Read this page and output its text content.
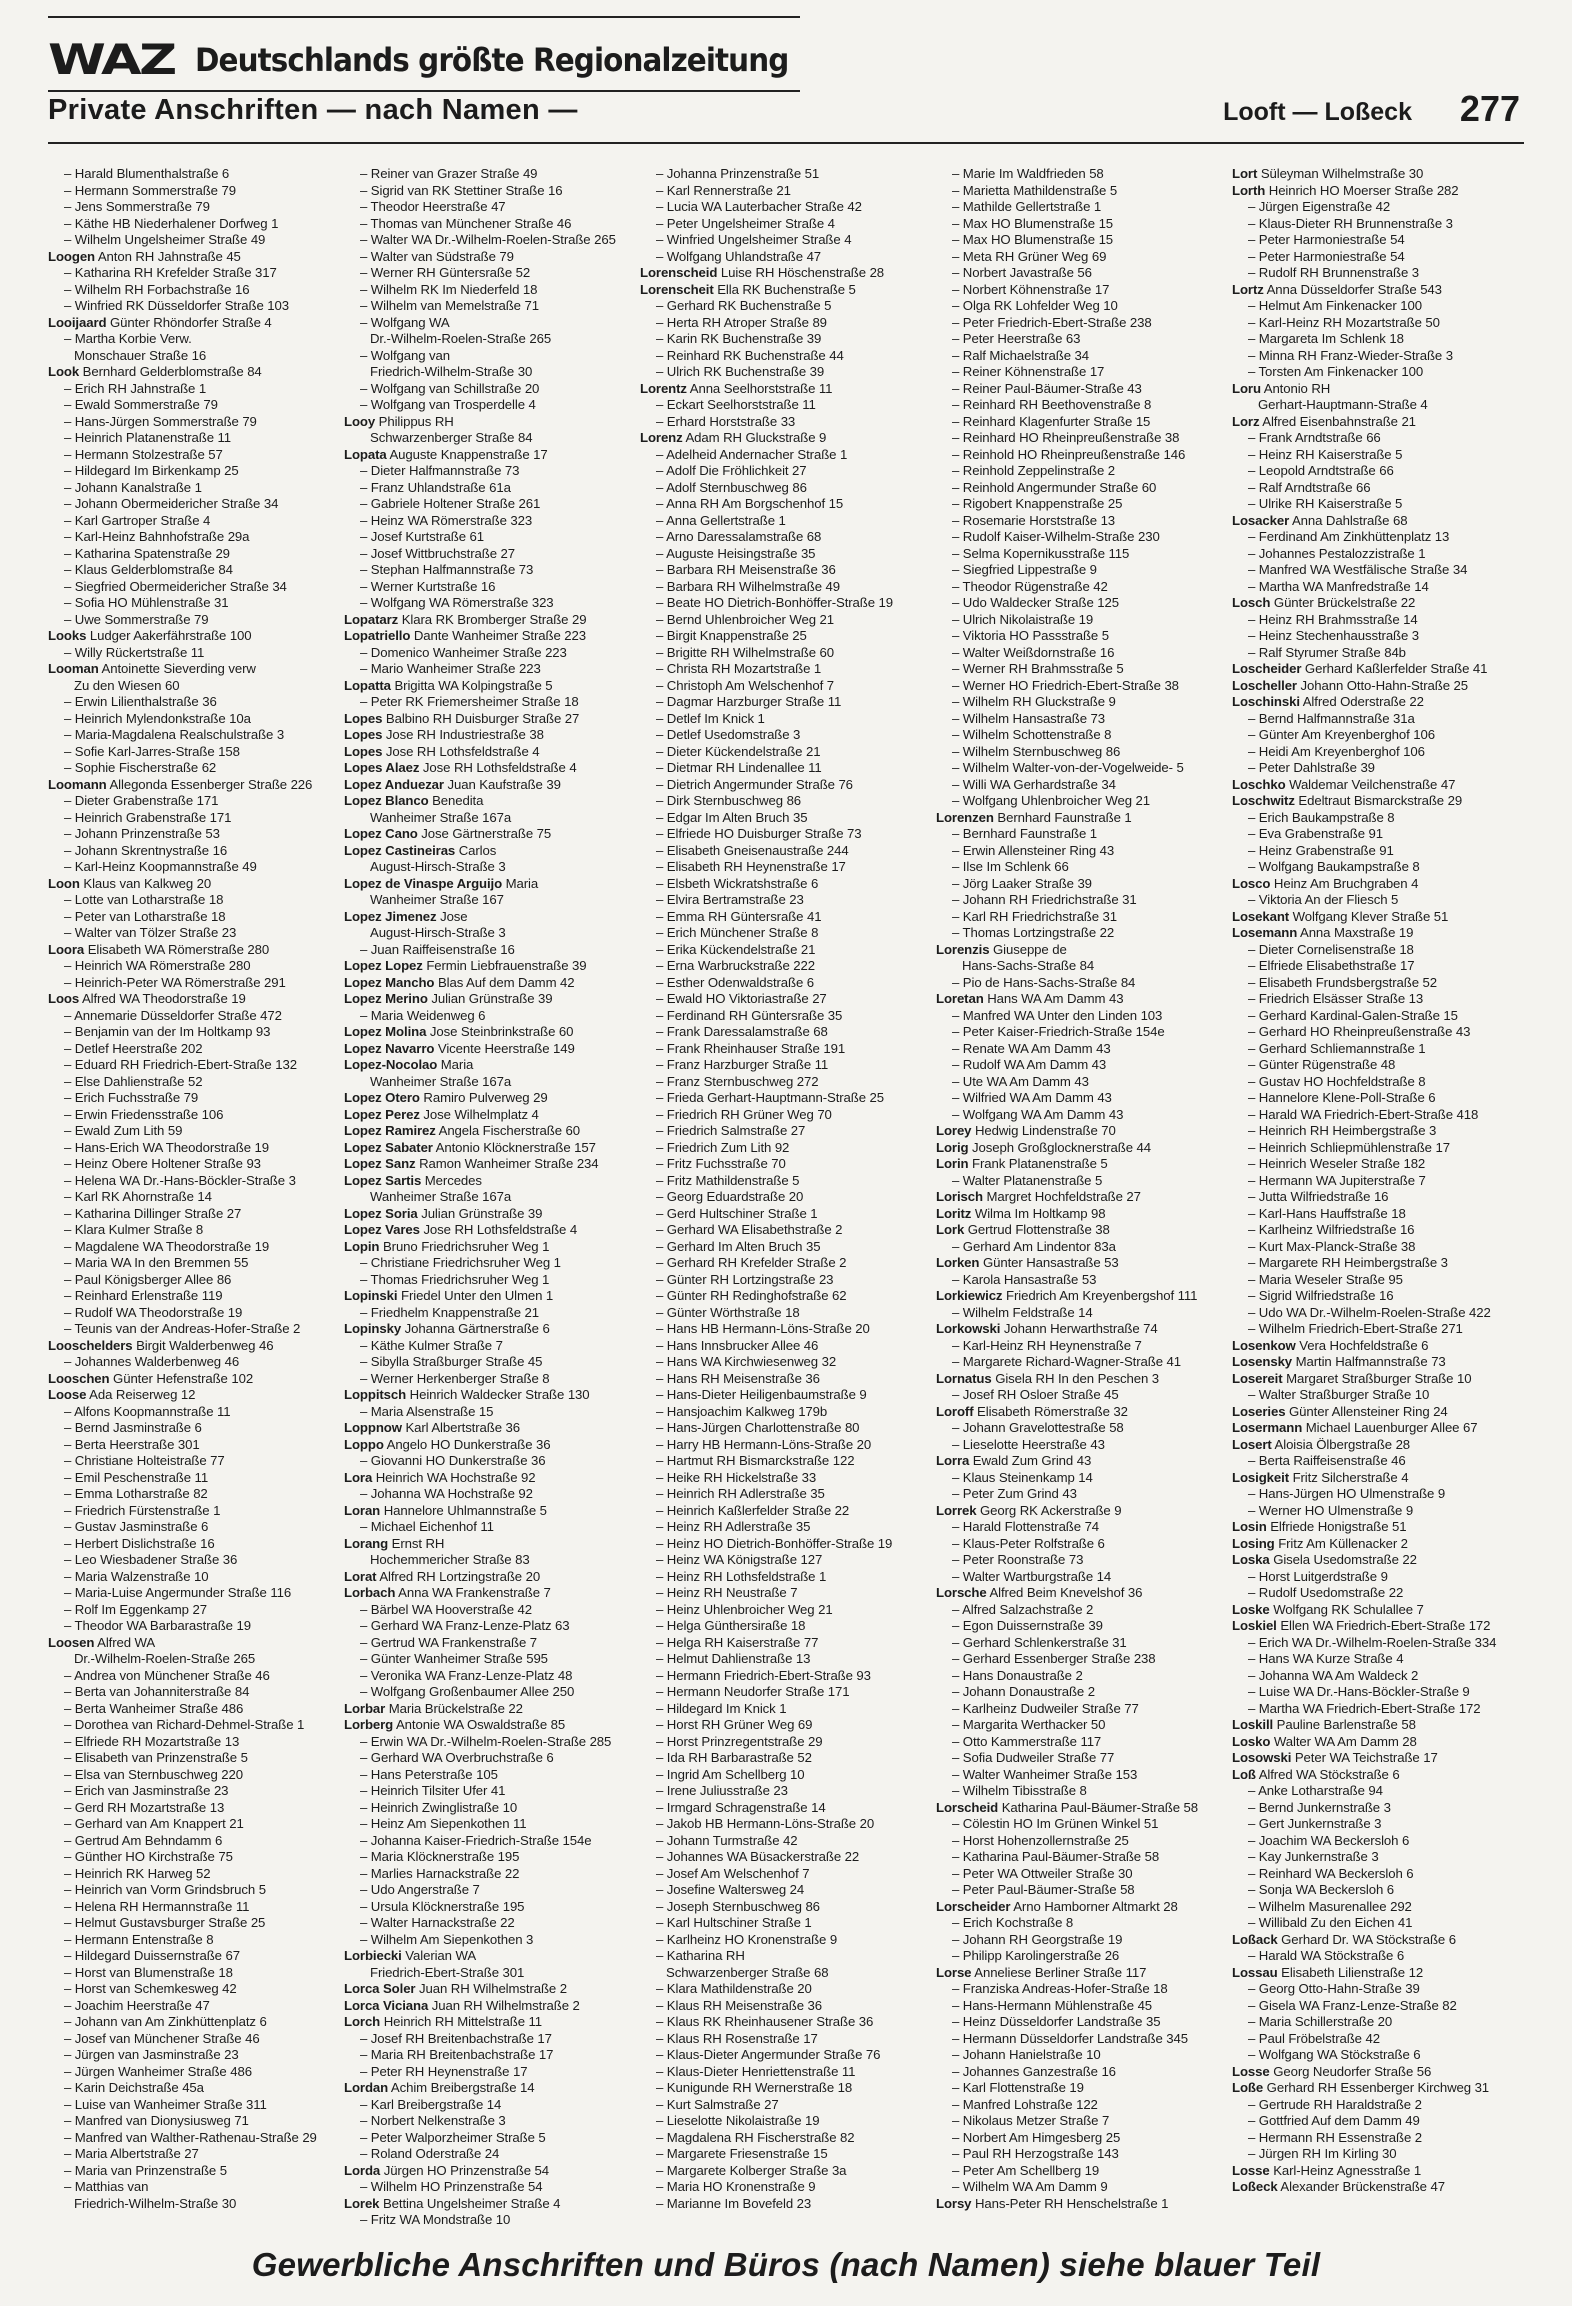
WAZ Deutschlands größte Regionalzeitung
Private Anschriften — nach Namen —	Looft — Loßeck 277
– Harald Blumenthalstraße 6
– Hermann Sommerstraße 79
– Jens Sommerstraße 79
– Käthe HB Niederhalener Dorfweg 1
– Wilhelm Ungelsheimer Straße 49
Loogen Anton RH Jahnstraße 45
– Katharina RH Krefelder Straße 317
– Wilhelm RH Forbachstraße 16
– Winfried RK Düsseldorfer Straße 103
Looijaard Günter Rhöndorfer Straße 4
– Martha Korbie Verw.
Monschauer Straße 16
Look Bernhard Gelderblomstraße 84
– Erich RH Jahnstraße 1
– Ewald Sommerstraße 79
– Hans-Jürgen Sommerstraße 79
– Heinrich Platanenstraße 11
– Hermann Stolzestraße 57
– Hildegard Im Birkenkamp 25
– Johann Kanalstraße 1
– Johann Obermeidericher Straße 34
– Karl Gartroper Straße 4
– Karl-Heinz Bahnhofstraße 29a
– Katharina Spatenstraße 29
– Klaus Gelderblomstraße 84
– Siegfried Obermeidericher Straße 34
– Sofia HO Mühlenstraße 31
– Uwe Sommerstraße 79
Looks Ludger Aakerfährstraße 100
– Willy Rückertstraße 11
Looman Antoinette Sieverding verw
Zu den Wiesen 60
– Erwin Lilienthalstraße 36
– Heinrich Mylendonkstraße 10a
– Maria-Magdalena Realschulstraße 3
– Sofie Karl-Jarres-Straße 158
– Sophie Fischerstraße 62
Loomann Allegonda Essenberger Straße 226
– Dieter Grabenstraße 171
– Heinrich Grabenstraße 171
– Johann Prinzenstraße 53
– Johann Skrentnystraße 16
– Karl-Heinz Koopmannstraße 49
Loon Klaus van Kalkweg 20
– Lotte van Lotharstraße 18
– Peter van Lotharstraße 18
– Walter van Tölzer Straße 23
Loora Elisabeth WA Römerstraße 280
– Heinrich WA Römerstraße 280
– Heinrich-Peter WA Römerstraße 291
Loos Alfred WA Theodorstraße 19
– Annemarie Düsseldorfer Straße 472
– Benjamin van der Im Holtkamp 93
– Detlef Heerstraße 202
– Eduard RH Friedrich-Ebert-Straße 132
– Else Dahlienstraße 52
– Erich Fuchsstraße 79
– Erwin Friedensstraße 106
– Ewald Zum Lith 59
– Hans-Erich WA Theodorstraße 19
– Heinz Obere Holtener Straße 93
– Helena WA Dr.-Hans-Böckler-Straße 3
– Karl RK Ahornstraße 14
– Katharina Dillinger Straße 27
– Klara Kulmer Straße 8
– Magdalene WA Theodorstraße 19
– Maria WA In den Bremmen 55
– Paul Königsberger Allee 86
– Reinhard Erlenstraße 119
– Rudolf WA Theodorstraße 19
– Teunis van der Andreas-Hofer-Straße 2
Looschelders Birgit Walderbenweg 46
– Johannes Walderbenweg 46
Looschen Günter Hefenstraße 102
Loose Ada Reiserweg 12
– Alfons Koopmannstraße 11
– Bernd Jasminstraße 6
– Berta Heerstraße 301
– Christiane Holteistraße 77
– Emil Peschenstraße 11
– Emma Lotharstraße 82
– Friedrich Fürstenstraße 1
– Gustav Jasminstraße 6
– Herbert Dislichstraße 16
– Leo Wiesbadener Straße 36
– Maria Walzenstraße 10
– Maria-Luise Angermunder Straße 116
– Rolf Im Eggenkamp 27
– Theodor WA Barbarastraße 19
Loosen Alfred WA
Dr.-Wilhelm-Roelen-Straße 265
– Andrea von Münchener Straße 46
– Berta van Johanniterstraße 84
– Berta Wanheimer Straße 486
– Dorothea van Richard-Dehmel-Straße 1
– Elfriede RH Mozartstraße 13
– Elisabeth van Prinzenstraße 5
– Elsa van Sternbuschweg 220
– Erich van Jasminstraße 23
– Gerd RH Mozartstraße 13
– Gerhard van Am Knappert 21
– Gertrud Am Behndamm 6
– Günther HO Kirchstraße 75
– Heinrich RK Harweg 52
– Heinrich van Vorm Grindsbruch 5
– Helena RH Hermannstraße 11
– Helmut Gustavsburger Straße 25
– Hermann Entenstraße 8
– Hildegard Duissernstraße 67
– Horst van Blumenstraße 18
– Horst van Schemkesweg 42
– Joachim Heerstraße 47
– Johann van Am Zinkhüttenplatz 6
– Josef van Münchener Straße 46
– Jürgen van Jasminstraße 23
– Jürgen Wanheimer Straße 486
– Karin Deichstraße 45a
– Luise van Wanheimer Straße 311
– Manfred van Dionysiusweg 71
– Manfred van Walther-Rathenau-Straße 29
– Maria Albertstraße 27
– Maria van Prinzenstraße 5
– Matthias van
Friedrich-Wilhelm-Straße 30
– Reiner van Grazer Straße 49
– Sigrid van RK Stettiner Straße 16
– Theodor Heerstraße 47
– Thomas van Münchener Straße 46
– Walter WA Dr.-Wilhelm-Roelen-Straße 265
– Walter van Südstraße 79
– Werner RH Güntersraße 52
– Wilhelm RK Im Niederfeld 18
– Wilhelm van Memelstraße 71
– Wolfgang WA
Dr.-Wilhelm-Roelen-Straße 265
– Wolfgang van
Friedrich-Wilhelm-Straße 30
– Wolfgang van Schillstraße 20
– Wolfgang van Trosperdelle 4
Looy Philippus RH
Schwarzenberger Straße 84
Lopata Auguste Knappenstraße 17
– Dieter Halfmannstraße 73
– Franz Uhlandstraße 61a
– Gabriele Holtener Straße 261
– Heinz WA Römerstraße 323
– Josef Kurtstraße 61
– Josef Wittbruchstraße 27
– Stephan Halfmannstraße 73
– Werner Kurtstraße 16
– Wolfgang WA Römerstraße 323
Lopatarz Klara RK Bromberger Straße 29
Lopatriello Dante Wanheimer Straße 223
– Domenico Wanheimer Straße 223
– Mario Wanheimer Straße 223
Lopatta Brigitta WA Kolpingstraße 5
– Peter RK Friemersheimer Straße 18
Lopes Balbino RH Duisburger Straße 27
Lopes Jose RH Industriestraße 38
Lopes Jose RH Lothsfeldstraße 4
Lopes Alaez Jose RH Lothsfeldstraße 4
Lopez Anduezar Juan Kaufstraße 39
Lopez Blanco Benedita
Wanheimer Straße 167a
Lopez Cano Jose Gärtnerstraße 75
Lopez Castineiras Carlos
August-Hirsch-Straße 3
Lopez de Vinaspe Arguijo Maria
Wanheimer Straße 167
Lopez Jimenez Jose
August-Hirsch-Straße 3
– Juan Raiffeisenstraße 16
Lopez Lopez Fermin Liebfrauenstraße 39
Lopez Mancho Blas Auf dem Damm 42
Lopez Merino Julian Grünstraße 39
– Maria Weidenweg 6
Lopez Molina Jose Steinbrinkstraße 60
Lopez Navarro Vicente Heerstraße 149
Lopez-Nocolao Maria
Wanheimer Straße 167a
Lopez Otero Ramiro Pulverweg 29
Lopez Perez Jose Wilhelmplatz 4
Lopez Ramirez Angela Fischerstraße 60
Lopez Sabater Antonio Klöcknerstraße 157
Lopez Sanz Ramon Wanheimer Straße 234
Lopez Sartis Mercedes
Wanheimer Straße 167a
Lopez Soria Julian Grünstraße 39
Lopez Vares Jose RH Lothsfeldstraße 4
Lopin Bruno Friedrichsruher Weg 1
– Christiane Friedrichsruher Weg 1
– Thomas Friedrichsruher Weg 1
Lopinski Friedel Unter den Ulmen 1
– Friedhelm Knappenstraße 21
Lopinsky Johanna Gärtnerstraße 6
– Käthe Kulmer Straße 7
– Sibylla Straßburger Straße 45
– Werner Herkenberger Straße 8
Loppitsch Heinrich Waldecker Straße 130
– Maria Alsenstraße 15
Loppnow Karl Albertstraße 36
Loppo Angelo HO Dunkerstraße 36
– Giovanni HO Dunkerstraße 36
Lora Heinrich WA Hochstraße 92
– Johanna WA Hochstraße 92
Loran Hannelore Uhlmannstraße 5
– Michael Eichenhof 11
Lorang Ernst RH
Hochemmericher Straße 83
Lorat Alfred RH Lortzingstraße 20
Lorbach Anna WA Frankenstraße 7
– Bärbel WA Hooverstraße 42
– Gerhard WA Franz-Lenze-Platz 63
– Gertrud WA Frankenstraße 7
– Günter Wanheimer Straße 595
– Veronika WA Franz-Lenze-Platz 48
– Wolfgang Großenbaumer Allee 250
Lorbar Maria Brückelstraße 22
Lorberg Antonie WA Oswaldstraße 85
– Erwin WA Dr.-Wilhelm-Roelen-Straße 285
– Gerhard WA Overbruchstraße 6
– Hans Peterstraße 105
– Heinrich Tilsiter Ufer 41
– Heinrich Zwinglistraße 10
– Heinz Am Siepenkothen 11
– Johanna Kaiser-Friedrich-Straße 154e
– Maria Klöcknerstraße 195
– Marlies Harnackstraße 22
– Udo Angerstraße 7
– Ursula Klöcknerstraße 195
– Walter Harnackstraße 22
– Wilhelm Am Siepenkothen 3
Lorbiecki Valerian WA
Friedrich-Ebert-Straße 301
Lorca Soler Juan RH Wilhelmstraße 2
Lorca Viciana Juan RH Wilhelmstraße 2
Lorch Heinrich RH Mittelstraße 11
– Josef RH Breitenbachstraße 17
– Maria RH Breitenbachstraße 17
– Peter RH Heynenstraße 17
Lordan Achim Breibergstraße 14
– Karl Breibergstraße 14
– Norbert Nelkenstraße 3
– Peter Walporzheimer Straße 5
– Roland Oderstraße 24
Lorda Jürgen HO Prinzenstraße 54
– Wilhelm HO Prinzenstraße 54
Lorek Bettina Ungelsheimer Straße 4
– Fritz WA Mondstraße 10
– Johanna Prinzenstraße 51
– Karl Rennerstraße 21
– Lucia WA Lauterbacher Straße 42
– Peter Ungelsheimer Straße 4
– Winfried Ungelsheimer Straße 4
– Wolfgang Uhlandstraße 47
Lorenscheid Luise RH Höschenstraße 28
Lorenscheit Ella RK Buchenstraße 5
– Gerhard RK Buchenstraße 5
– Herta RH Atroper Straße 89
– Karin RK Buchenstraße 39
– Reinhard RK Buchenstraße 44
– Ulrich RK Buchenstraße 39
Lorentz Anna Seelhorststraße 11
– Eckart Seelhorststraße 11
– Erhard Horststraße 33
Lorenz Adam RH Gluckstraße 9
– Adelheid Andernacher Straße 1
– Adolf Die Fröhlichkeit 27
– Adolf Sternbuschweg 86
– Anna RH Am Borgschenhof 15
– Anna Gellertstraße 1
– Arno Daressalamstraße 68
– Auguste Heisingstraße 35
– Barbara RH Meisenstraße 36
– Barbara RH Wilhelmstraße 49
– Beate HO Dietrich-Bonhöffer-Straße 19
– Bernd Uhlenbroicher Weg 21
– Birgit Knappenstraße 25
– Brigitte RH Wilhelmstraße 60
– Christa RH Mozartstraße 1
– Christoph Am Welschenhof 7
– Dagmar Harzburger Straße 11
– Detlef Im Knick 1
– Detlef Usedomstraße 3
– Dieter Kückendelstraße 21
– Dietmar RH Lindenallee 11
– Dietrich Angermunder Straße 76
– Dirk Sternbuschweg 86
– Edgar Im Alten Bruch 35
– Elfriede HO Duisburger Straße 73
– Elisabeth Gneisenaustraße 244
– Elisabeth RH Heynenstraße 17
– Elsbeth Wickratshstraße 6
– Elvira Bertramstraße 23
– Emma RH Güntersraße 41
– Erich Münchener Straße 8
– Erika Kückendelstraße 21
– Erna Warbruckstraße 222
– Esther Odenwaldstraße 6
– Ewald HO Viktoriastraße 27
– Ferdinand RH Güntersraße 35
– Frank Daressalamstraße 68
– Frank Rheinhauser Straße 191
– Franz Harzburger Straße 11
– Franz Sternbuschweg 272
– Frieda Gerhart-Hauptmann-Straße 25
– Friedrich RH Grüner Weg 70
– Friedrich Salmstraße 27
– Friedrich Zum Lith 92
– Fritz Fuchsstraße 70
– Fritz Mathildenstraße 5
– Georg Eduardstraße 20
– Gerd Hultschiner Straße 1
– Gerhard WA Elisabethstraße 2
– Gerhard Im Alten Bruch 35
– Gerhard RH Krefelder Straße 2
– Günter RH Lortzingstraße 23
– Günter RH Redinghofstraße 62
– Günter Wörthstraße 18
– Hans HB Hermann-Löns-Straße 20
– Hans Innsbrucker Allee 46
– Hans WA Kirchwiesenweg 32
– Hans RH Meisenstraße 36
– Hans-Dieter Heiligenbaumstraße 9
– Hansjoachim Kalkweg 179b
– Hans-Jürgen Charlottenstraße 80
– Harry HB Hermann-Löns-Straße 20
– Hartmut RH Bismarckstraße 122
– Heike RH Hickelstraße 33
– Heinrich RH Adlerstraße 35
– Heinrich Kaßlerfelder Straße 22
– Heinz RH Adlerstraße 35
– Heinz HO Dietrich-Bonhöffer-Straße 19
– Heinz WA Königstraße 127
– Heinz RH Lothsfeldstraße 1
– Heinz RH Neustraße 7
– Heinz Uhlenbroicher Weg 21
– Helga Günthersiraße 18
– Helga RH Kaiserstraße 77
– Helmut Dahlienstraße 13
– Hermann Friedrich-Ebert-Straße 93
– Hermann Neudorfer Straße 171
– Hildegard Im Knick 1
– Horst RH Grüner Weg 69
– Horst Prinzregentstraße 29
– Ida RH Barbarastraße 52
– Ingrid Am Schellberg 10
– Irene Juliusstraße 23
– Irmgard Schragenstraße 14
– Jakob HB Hermann-Löns-Straße 20
– Johann Turmstraße 42
– Johannes WA Büsackerstraße 22
– Josef Am Welschenhof 7
– Josefine Waltersweg 24
– Joseph Sternbuschweg 86
– Karl Hultschiner Straße 1
– Karlheinz HO Kronenstraße 9
– Katharina RH
Schwarzenberger Straße 68
– Klara Mathildenstraße 20
– Klaus RH Meisenstraße 36
– Klaus RK Rheinhausener Straße 36
– Klaus RH Rosenstraße 17
– Klaus-Dieter Angermunder Straße 76
– Klaus-Dieter Henriettenstraße 11
– Kunigunde RH Wernerstraße 18
– Kurt Salmstraße 27
– Lieselotte Nikolaistraße 19
– Magdalena RH Fischerstraße 82
– Margarete Friesenstraße 15
– Margarete Kolberger Straße 3a
– Maria HO Kronenstraße 9
– Marianne Im Bovefeld 23
– Marie Im Waldfrieden 58
– Marietta Mathildenstraße 5
– Mathilde Gellertstraße 1
– Max HO Blumenstraße 15
– Max HO Blumenstraße 15
– Meta RH Grüner Weg 69
– Norbert Javastraße 56
– Norbert Köhnenstraße 17
– Olga RK Lohfelder Weg 10
– Peter Friedrich-Ebert-Straße 238
– Peter Heerstraße 63
– Ralf Michaelstraße 34
– Reiner Köhnenstraße 17
– Reiner Paul-Bäumer-Straße 43
– Reinhard RH Beethovenstraße 8
– Reinhard Klagenfurter Straße 15
– Reinhard HO Rheinpreußenstraße 38
– Reinhold HO Rheinpreußenstraße 146
– Reinhold Zeppelinstraße 2
– Reinhold Angermunder Straße 60
– Rigobert Knappenstraße 25
– Rosemarie Horststraße 13
– Rudolf Kaiser-Wilhelm-Straße 230
– Selma Kopernikusstraße 115
– Siegfried Lippestraße 9
– Theodor Rügenstraße 42
– Udo Waldecker Straße 125
– Ulrich Nikolaistraße 19
– Viktoria HO Passstraße 5
– Walter Weißdornstraße 16
– Werner RH Brahmsstraße 5
– Werner HO Friedrich-Ebert-Straße 38
– Wilhelm RH Gluckstraße 9
– Wilhelm Hansastraße 73
– Wilhelm Schottenstraße 8
– Wilhelm Sternbuschweg 86
– Wilhelm Walter-von-der-Vogelweide- 5
– Willi WA Gerhardstraße 34
– Wolfgang Uhlenbroicher Weg 21
Lorenzen Bernhard Faunstraße 1
– Bernhard Faunstraße 1
– Erwin Allensteiner Ring 43
– Ilse Im Schlenk 66
– Jörg Laaker Straße 39
– Johann RH Friedrichstraße 31
– Karl RH Friedrichstraße 31
– Thomas Lortzingstraße 22
Lorenzis Giuseppe de
Hans-Sachs-Straße 84
– Pio de Hans-Sachs-Straße 84
Loretan Hans WA Am Damm 43
– Manfred WA Unter den Linden 103
– Peter Kaiser-Friedrich-Straße 154e
– Renate WA Am Damm 43
– Rudolf WA Am Damm 43
– Ute WA Am Damm 43
– Wilfried WA Am Damm 43
– Wolfgang WA Am Damm 43
Lorey Hedwig Lindenstraße 70
Lorig Joseph Großglocknerstraße 44
Lorin Frank Platanenstraße 5
– Walter Platanenstraße 5
Lorisch Margret Hochfeldstraße 27
Loritz Wilma Im Holtkamp 98
Lork Gertrud Flottenstraße 38
– Gerhard Am Lindentor 83a
Lorken Günter Hansastraße 53
– Karola Hansastraße 53
Lorkiewicz Friedrich Am Kreyenbergshof 111
– Wilhelm Feldstraße 14
Lorkowski Johann Herwarthstraße 74
– Karl-Heinz RH Heynenstraße 7
– Margarete Richard-Wagner-Straße 41
Lornatus Gisela RH In den Peschen 3
– Josef RH Osloer Straße 45
Loroff Elisabeth Römerstraße 32
– Johann Gravelottestraße 58
– Lieselotte Heerstraße 43
Lorra Ewald Zum Grind 43
– Klaus Steinenkamp 14
– Peter Zum Grind 43
Lorrek Georg RK Ackerstraße 9
– Harald Flottenstraße 74
– Klaus-Peter Rolfstraße 6
– Peter Roonstraße 73
– Walter Wartburgstraße 14
Lorsche Alfred Beim Knevelshof 36
– Alfred Salzachstraße 2
– Egon Duissernstraße 39
– Gerhard Schlenkerstraße 31
– Gerhard Essenberger Straße 238
– Hans Donaustraße 2
– Johann Donaustraße 2
– Karlheinz Dudweiler Straße 77
– Margarita Werthacker 50
– Otto Kammerstraße 117
– Sofia Dudweiler Straße 77
– Walter Wanheimer Straße 153
– Wilhelm Tibisstraße 8
Lorscheid Katharina Paul-Bäumer-Straße 58
– Cölestin HO Im Grünen Winkel 51
– Horst Hohenzollernstraße 25
– Katharina Paul-Bäumer-Straße 58
– Peter WA Ottweiler Straße 30
– Peter Paul-Bäumer-Straße 58
Lorscheider Arno Hamborner Altmarkt 28
– Erich Kochstraße 8
– Johann RH Georgstraße 19
– Philipp Karolingerstraße 26
Lorse Anneliese Berliner Straße 117
– Franziska Andreas-Hofer-Straße 18
– Hans-Hermann Mühlenstraße 45
– Heinz Düsseldorfer Landstraße 35
– Hermann Düsseldorfer Landstraße 345
– Johann Hanielstraße 10
– Johannes Ganzestraße 16
– Karl Flottenstraße 19
– Manfred Lohstraße 122
– Nikolaus Metzer Straße 7
– Norbert Am Himgesberg 25
– Paul RH Herzogstraße 143
– Peter Am Schellberg 19
– Wilhelm WA Am Damm 9
Lorsy Hans-Peter RH Henschelstraße 1
Lort Süleyman Wilhelmstraße 30
Lorth Heinrich HO Moerser Straße 282
– Jürgen Eigenstraße 42
– Klaus-Dieter RH Brunnenstraße 3
– Peter Harmoniestraße 54
– Peter Harmoniestraße 54
– Rudolf RH Brunnenstraße 3
Lortz Anna Düsseldorfer Straße 543
– Helmut Am Finkenacker 100
– Karl-Heinz RH Mozartstraße 50
– Margareta Im Schlenk 18
– Minna RH Franz-Wieder-Straße 3
– Torsten Am Finkenacker 100
Loru Antonio RH
Gerhart-Hauptmann-Straße 4
Lorz Alfred Eisenbahnstraße 21
– Frank Arndtstraße 66
– Heinz RH Kaiserstraße 5
– Leopold Arndtstraße 66
– Ralf Arndtstraße 66
– Ulrike RH Kaiserstraße 5
Losacker Anna Dahlstraße 68
– Ferdinand Am Zinkhüttenplatz 13
– Johannes Pestalozzistraße 1
– Manfred WA Westfälische Straße 34
– Martha WA Manfredstraße 14
Losch Günter Brückelstraße 22
– Heinz RH Brahmsstraße 14
– Heinz Stechenhausstraße 3
– Ralf Styrumer Straße 84b
Loscheider Gerhard Kaßlerfelder Straße 41
Loscheller Johann Otto-Hahn-Straße 25
Loschinski Alfred Oderstraße 22
– Bernd Halfmannstraße 31a
– Günter Am Kreyenberghof 106
– Heidi Am Kreyenberghof 106
– Peter Dahlstraße 39
Loschko Waldemar Veilchenstraße 47
Loschwitz Edeltraut Bismarckstraße 29
– Erich Baukampstraße 8
– Eva Grabenstraße 91
– Heinz Grabenstraße 91
– Wolfgang Baukampstraße 8
Losco Heinz Am Bruchgraben 4
– Viktoria An der Fliesch 5
Losekant Wolfgang Klever Straße 51
Losemann Anna Maxstraße 19
– Dieter Cornelisenstraße 18
– Elfriede Elisabethstraße 17
– Elisabeth Frundsbergstraße 52
– Friedrich Elsässer Straße 13
– Gerhard Kardinal-Galen-Straße 15
– Gerhard HO Rheinpreußenstraße 43
– Gerhard Schliemannstraße 1
– Günter Rügenstraße 48
– Gustav HO Hochfeldstraße 8
– Hannelore Klene-Poll-Straße 6
– Harald WA Friedrich-Ebert-Straße 418
– Heinrich RH Heimbergstraße 3
– Heinrich Schliepmühlenstraße 17
– Heinrich Weseler Straße 182
– Hermann WA Jupiterstraße 7
– Jutta Wilfriedstraße 16
– Karl-Hans Hauffstraße 18
– Karlheinz Wilfriedstraße 16
– Kurt Max-Planck-Straße 38
– Margarete RH Heimbergstraße 3
– Maria Weseler Straße 95
– Sigrid Wilfriedstraße 16
– Udo WA Dr.-Wilhelm-Roelen-Straße 422
– Wilhelm Friedrich-Ebert-Straße 271
Losenkow Vera Hochfeldstraße 6
Losensky Martin Halfmannstraße 73
Losereit Margaret Straßburger Straße 10
– Walter Straßburger Straße 10
Loseries Günter Allensteiner Ring 24
Losermann Michael Lauenburger Allee 67
Losert Aloisia Ölbergstraße 28
– Berta Raiffeisenstraße 46
Losigkeit Fritz Silcherstraße 4
– Hans-Jürgen HO Ulmenstraße 9
– Werner HO Ulmenstraße 9
Losin Elfriede Honigstraße 51
Losing Fritz Am Küllenacker 2
Loska Gisela Usedomstraße 22
– Horst Luitgerdstraße 9
– Rudolf Usedomstraße 22
Loske Wolfgang RK Schulallee 7
Loskiel Ellen WA Friedrich-Ebert-Straße 172
– Erich WA Dr.-Wilhelm-Roelen-Straße 334
– Hans WA Kurze Straße 4
– Johanna WA Am Waldeck 2
– Luise WA Dr.-Hans-Böckler-Straße 9
– Martha WA Friedrich-Ebert-Straße 172
Loskill Pauline Barlenstraße 58
Losko Walter WA Am Damm 28
Losowski Peter WA Teichstraße 17
Loß Alfred WA Stöckstraße 6
– Anke Lotharstraße 94
– Bernd Junkernstraße 3
– Gert Junkernstraße 3
– Joachim WA Beckersloh 6
– Kay Junkernstraße 3
– Reinhard WA Beckersloh 6
– Sonja WA Beckersloh 6
– Wilhelm Masurenallee 292
– Willibald Zu den Eichen 41
Loßack Gerhard Dr. WA Stöckstraße 6
– Harald WA Stöckstraße 6
Lossau Elisabeth Lilienstraße 12
– Georg Otto-Hahn-Straße 39
– Gisela WA Franz-Lenze-Straße 82
– Maria Schillerstraße 20
– Paul Fröbelstraße 42
– Wolfgang WA Stöckstraße 6
Losse Georg Neudorfer Straße 56
Loße Gerhard RH Essenberger Kirchweg 31
– Gertrude RH Haraldstraße 2
– Gottfried Auf dem Damm 49
– Hermann RH Essenstraße 2
– Jürgen RH Im Kirling 30
Losse Karl-Heinz Agnesstraße 1
Loßeck Alexander Brückenstraße 47
Gewerbliche Anschriften und Büros (nach Namen) siehe blauer Teil
